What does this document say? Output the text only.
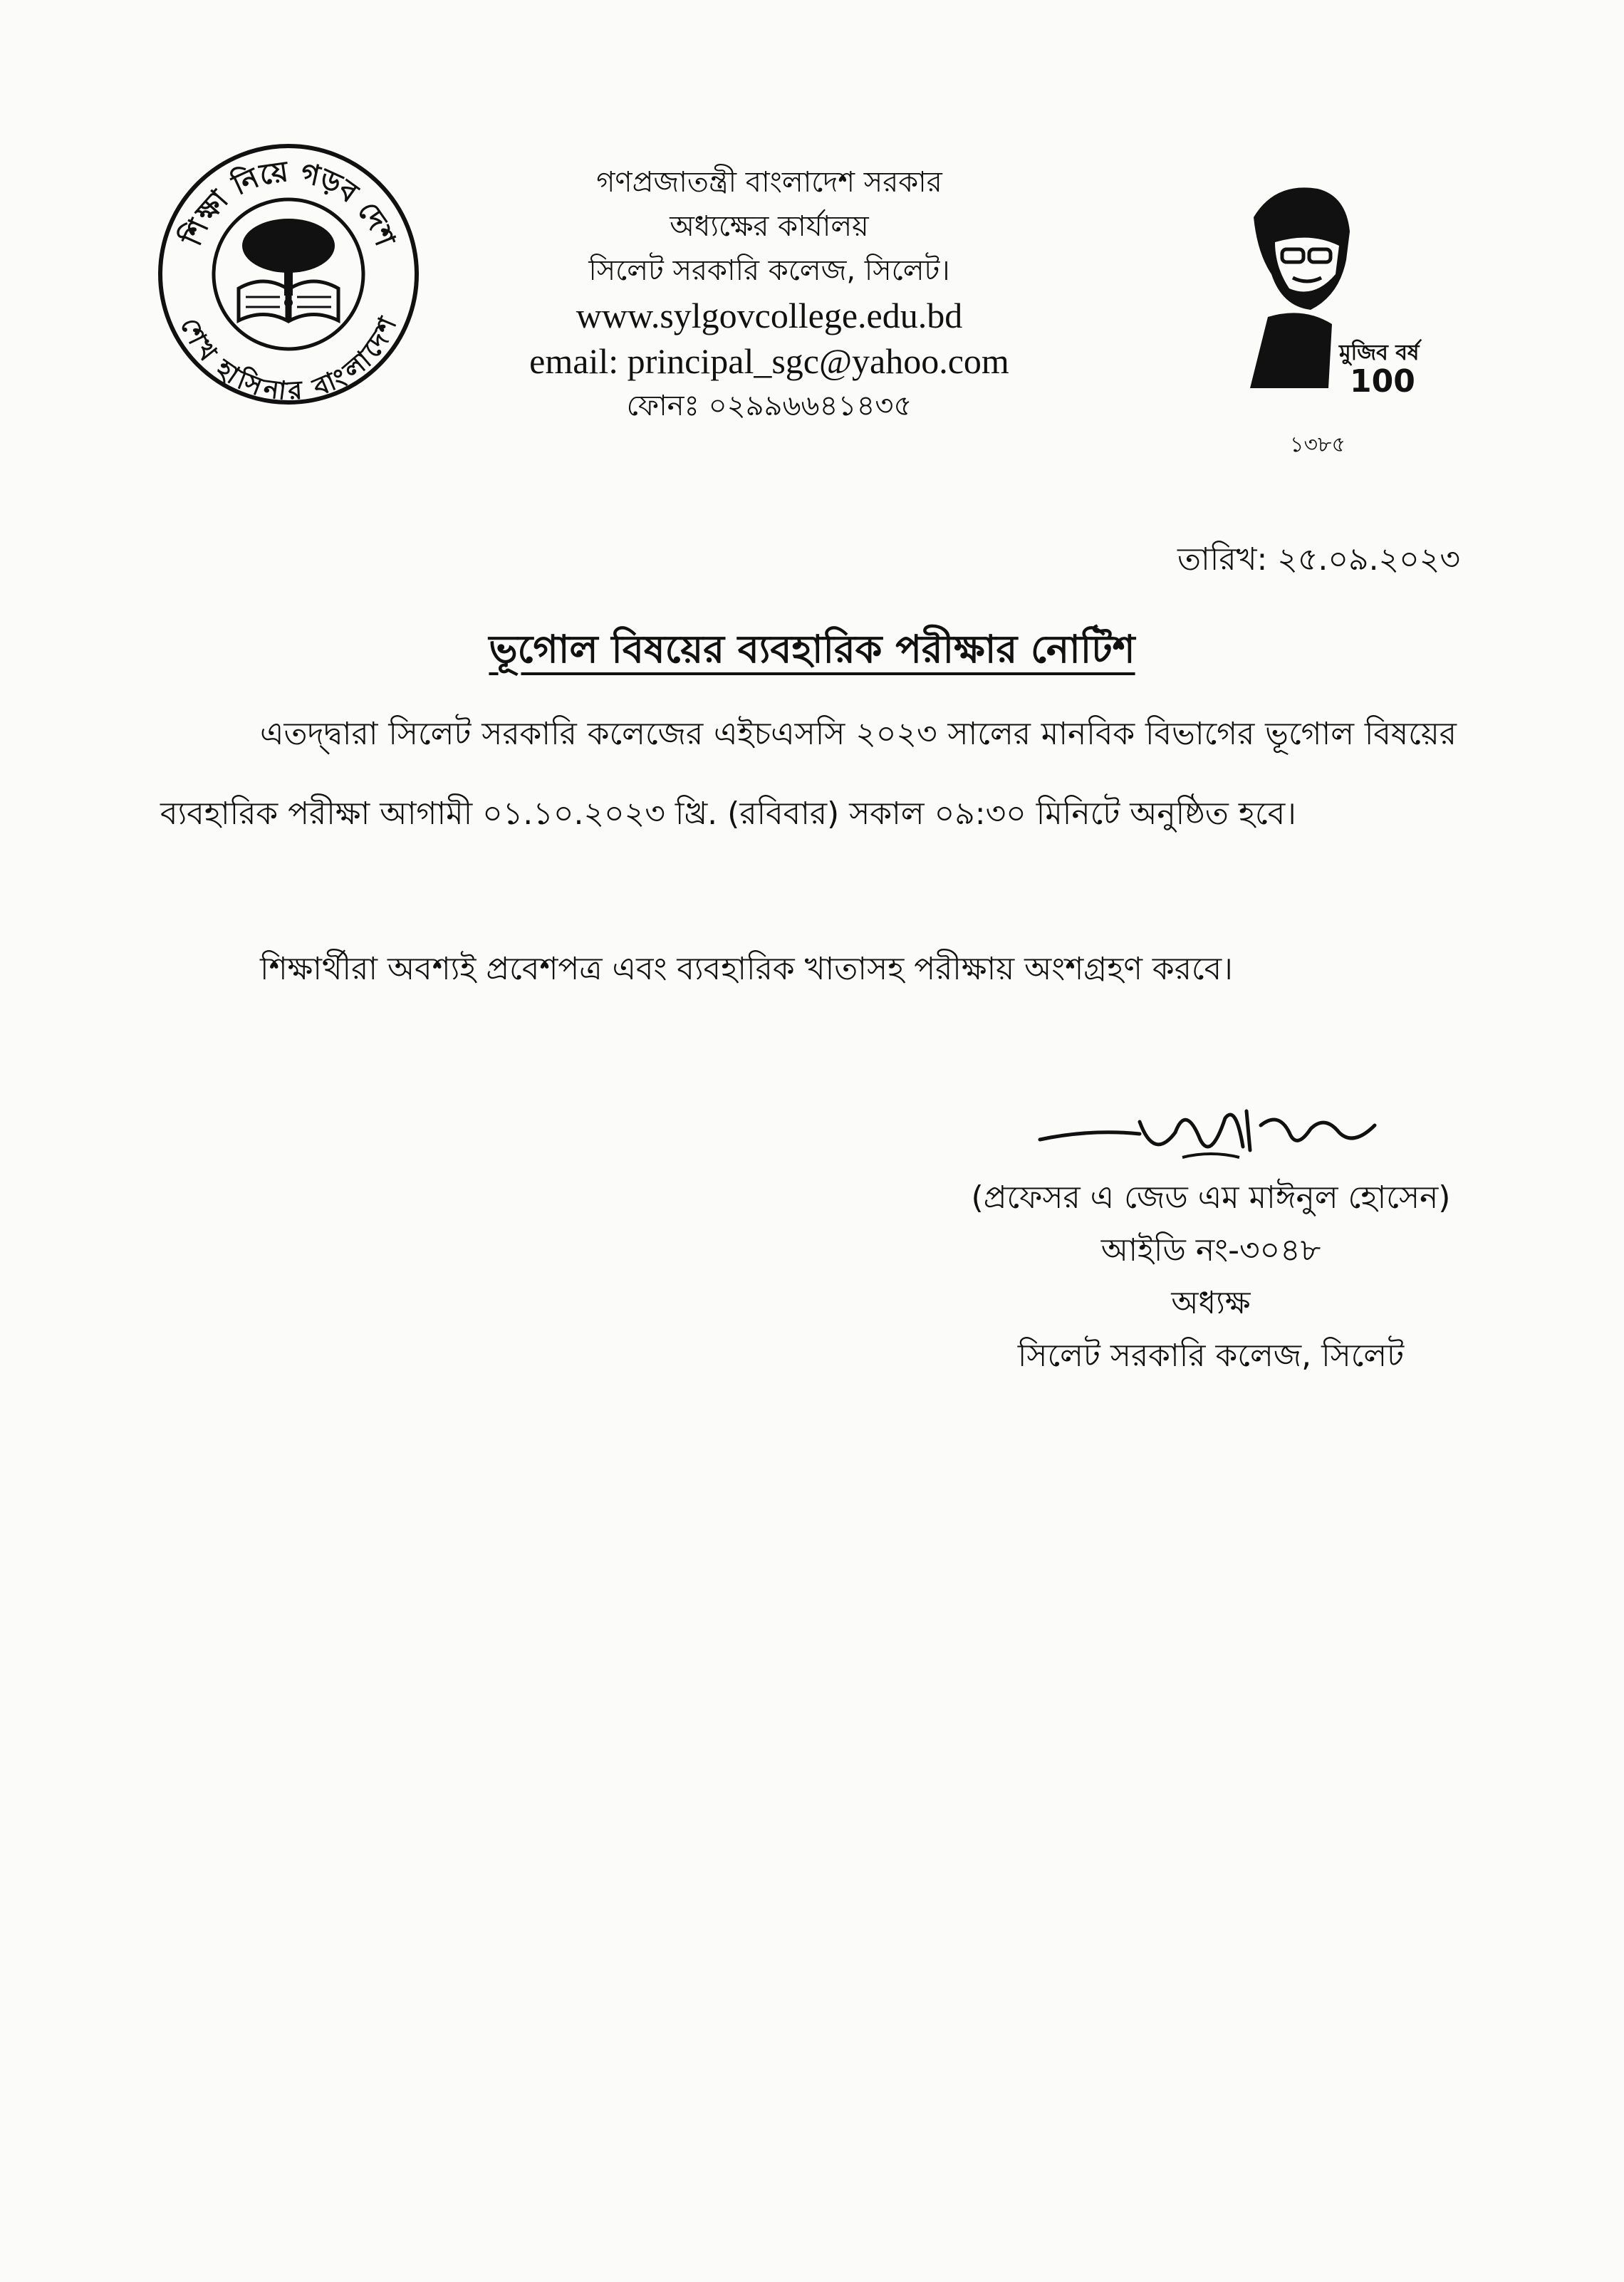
শিক্ষা নিয়ে গড়ব দেশ
শেখ হাসিনার বাংলাদেশ
গণপ্রজাতন্ত্রী বাংলাদেশ সরকার
অধ্যক্ষের কার্যালয়
সিলেট সরকারি কলেজ, সিলেট।
www.sylgovcollege.edu.bd
email: principal_sgc@yahoo.com
ফোনঃ ০২৯৯৬৬৪১৪৩৫
মুজিব বর্ষ
100
১৩৮৫
তারিখ: ২৫.০৯.২০২৩
ভূগোল বিষয়ের ব্যবহারিক পরীক্ষার নোটিশ
এতদ্দ্বারা সিলেট সরকারি কলেজের এইচএসসি ২০২৩ সালের মানবিক বিভাগের ভূগোল বিষয়ের ব্যবহারিক পরীক্ষা আগামী ০১.১০.২০২৩ খ্রি. (রবিবার) সকাল ০৯:৩০ মিনিটে অনুষ্ঠিত হবে।
শিক্ষার্থীরা অবশ্যই প্রবেশপত্র এবং ব্যবহারিক খাতাসহ পরীক্ষায় অংশগ্রহণ করবে।
(প্রফেসর এ জেড এম মাঈনুল হোসেন)
আইডি নং-৩০৪৮
অধ্যক্ষ
সিলেট সরকারি কলেজ, সিলেট
